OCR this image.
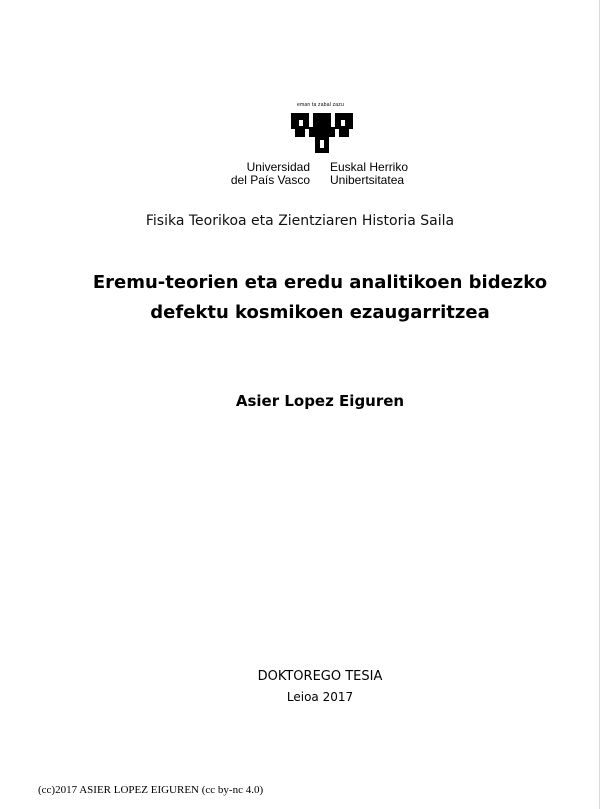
eman ta zabal zazu
Universidad
del País Vasco
Euskal Herriko
Unibertsitatea
Fisika Teorikoa eta Zientziaren Historia Saila
Eremu-teorien eta eredu analitikoen bidezko
defektu kosmikoen ezaugarritzea
Asier Lopez Eiguren
DOKTOREGO TESIA
Leioa 2017
(cc)2017 ASIER LOPEZ EIGUREN (cc by-nc 4.0)
